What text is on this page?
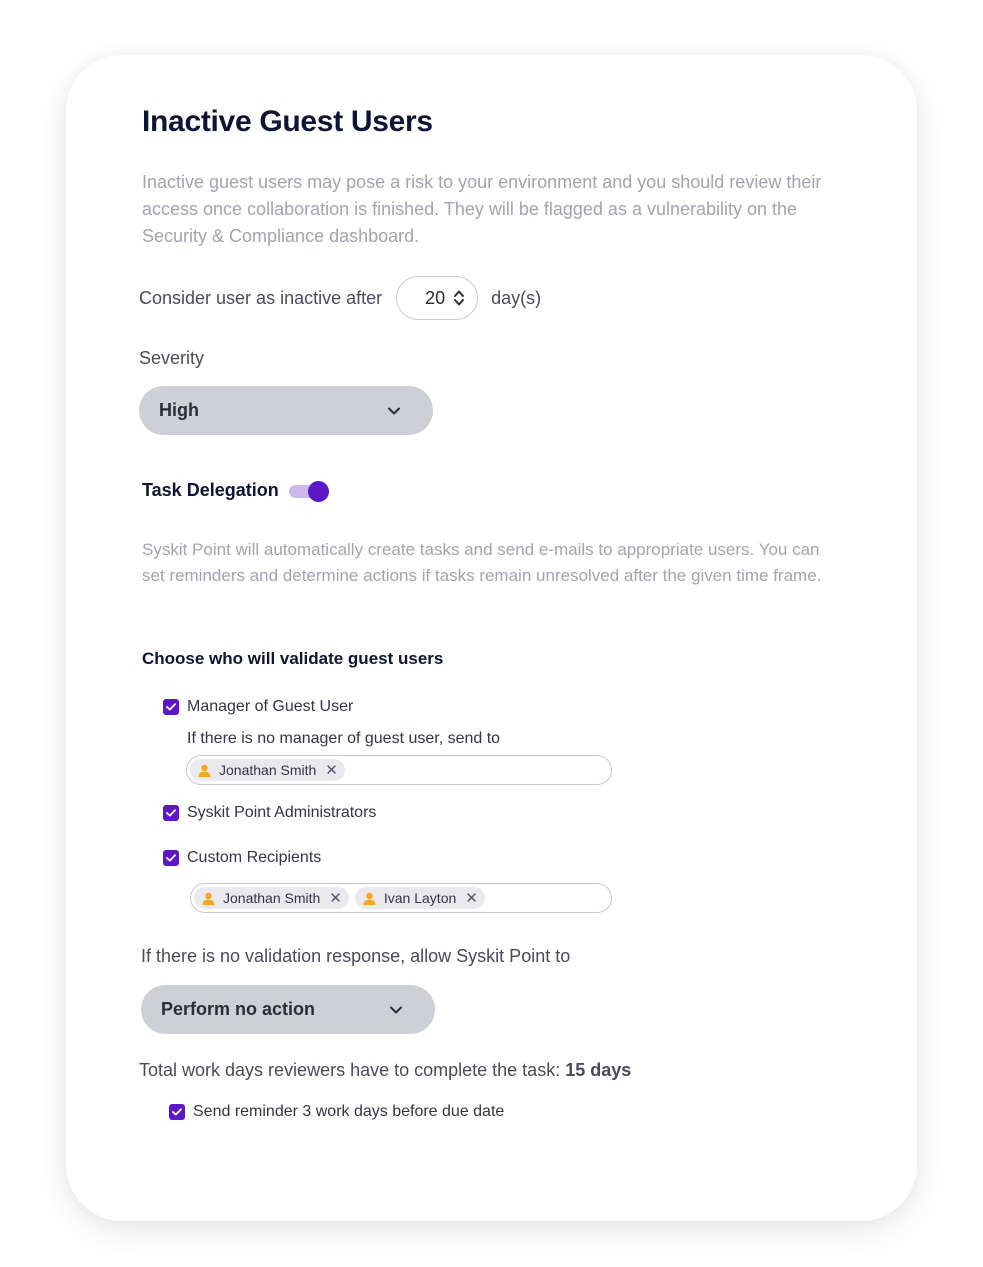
Inactive Guest Users
Inactive guest users may pose a risk to your environment and you should review their access once collaboration is finished. They will be flagged as a vulnerability on the Security & Compliance dashboard.
Consider user as inactive after 20	day(s)
Severity
High
Task Delegation
Syskit Point will automatically create tasks and send e-mails to appropriate users. You can set reminders and determine actions if tasks remain unresolved after the given time frame.
Choose who will validate guest users
Manager of Guest User
If there is no manager of guest user, send to
Jonathan Smith ✕
Syskit Point Administrators
Custom Recipients
Jonathan Smith ✕	Ivan Layton ✕
If there is no validation response, allow Syskit Point to
Perform no action
Total work days reviewers have to complete the task: 15 days
Send reminder 3 work days before due date
